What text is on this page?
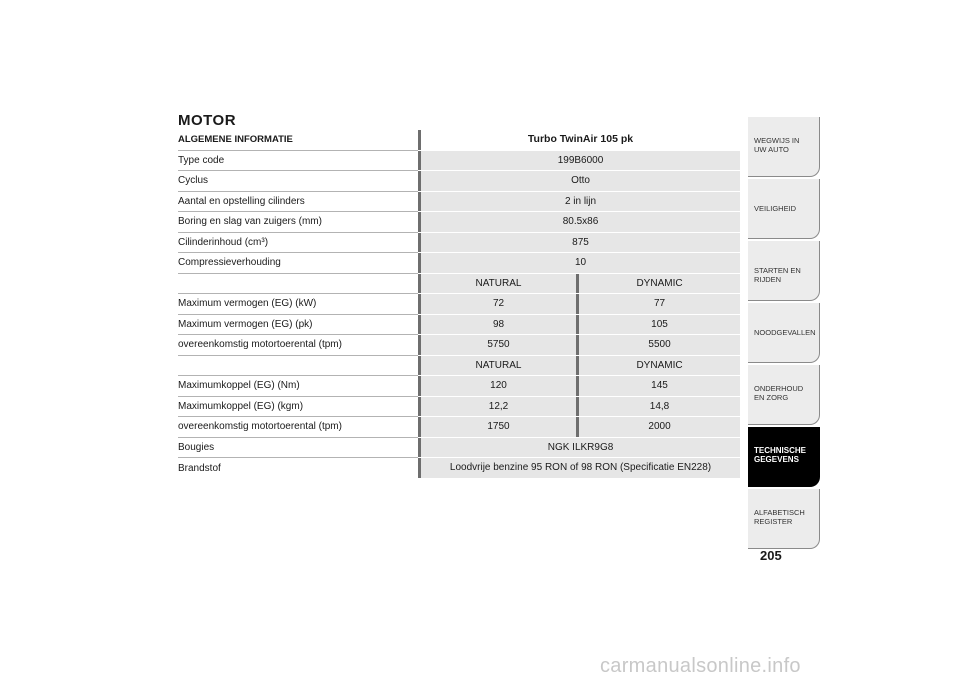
MOTOR
ALGEMENE INFORMATIE		Turbo TwinAir 105 pk		
Type code		199B6000		
Cyclus		Otto		
Aantal en opstelling cilinders		2 in lijn		
Boring en slag van zuigers (mm)		80.5x86		
Cilinderinhoud (cm³)		875		
Compressieverhouding		10		
		NATURAL		DYNAMIC
Maximum vermogen (EG) (kW)		72		77
Maximum vermogen (EG) (pk)		98		105
overeenkomstig motortoerental (tpm)		5750		5500
		NATURAL		DYNAMIC
Maximumkoppel (EG) (Nm)		120		145
Maximumkoppel (EG) (kgm)		12,2		14,8
overeenkomstig motortoerental (tpm)		1750		2000
Bougies		NGK ILKR9G8		
Brandstof		Loodvrije benzine 95 RON of 98 RON (Specificatie EN228)		
WEGWIJS IN UW AUTO
VEILIGHEID
STARTEN EN RIJDEN
NOODGEVALLEN
ONDERHOUD EN ZORG
TECHNISCHE GEGEVENS
ALFABETISCH REGISTER
205
carmanualsonline.info
